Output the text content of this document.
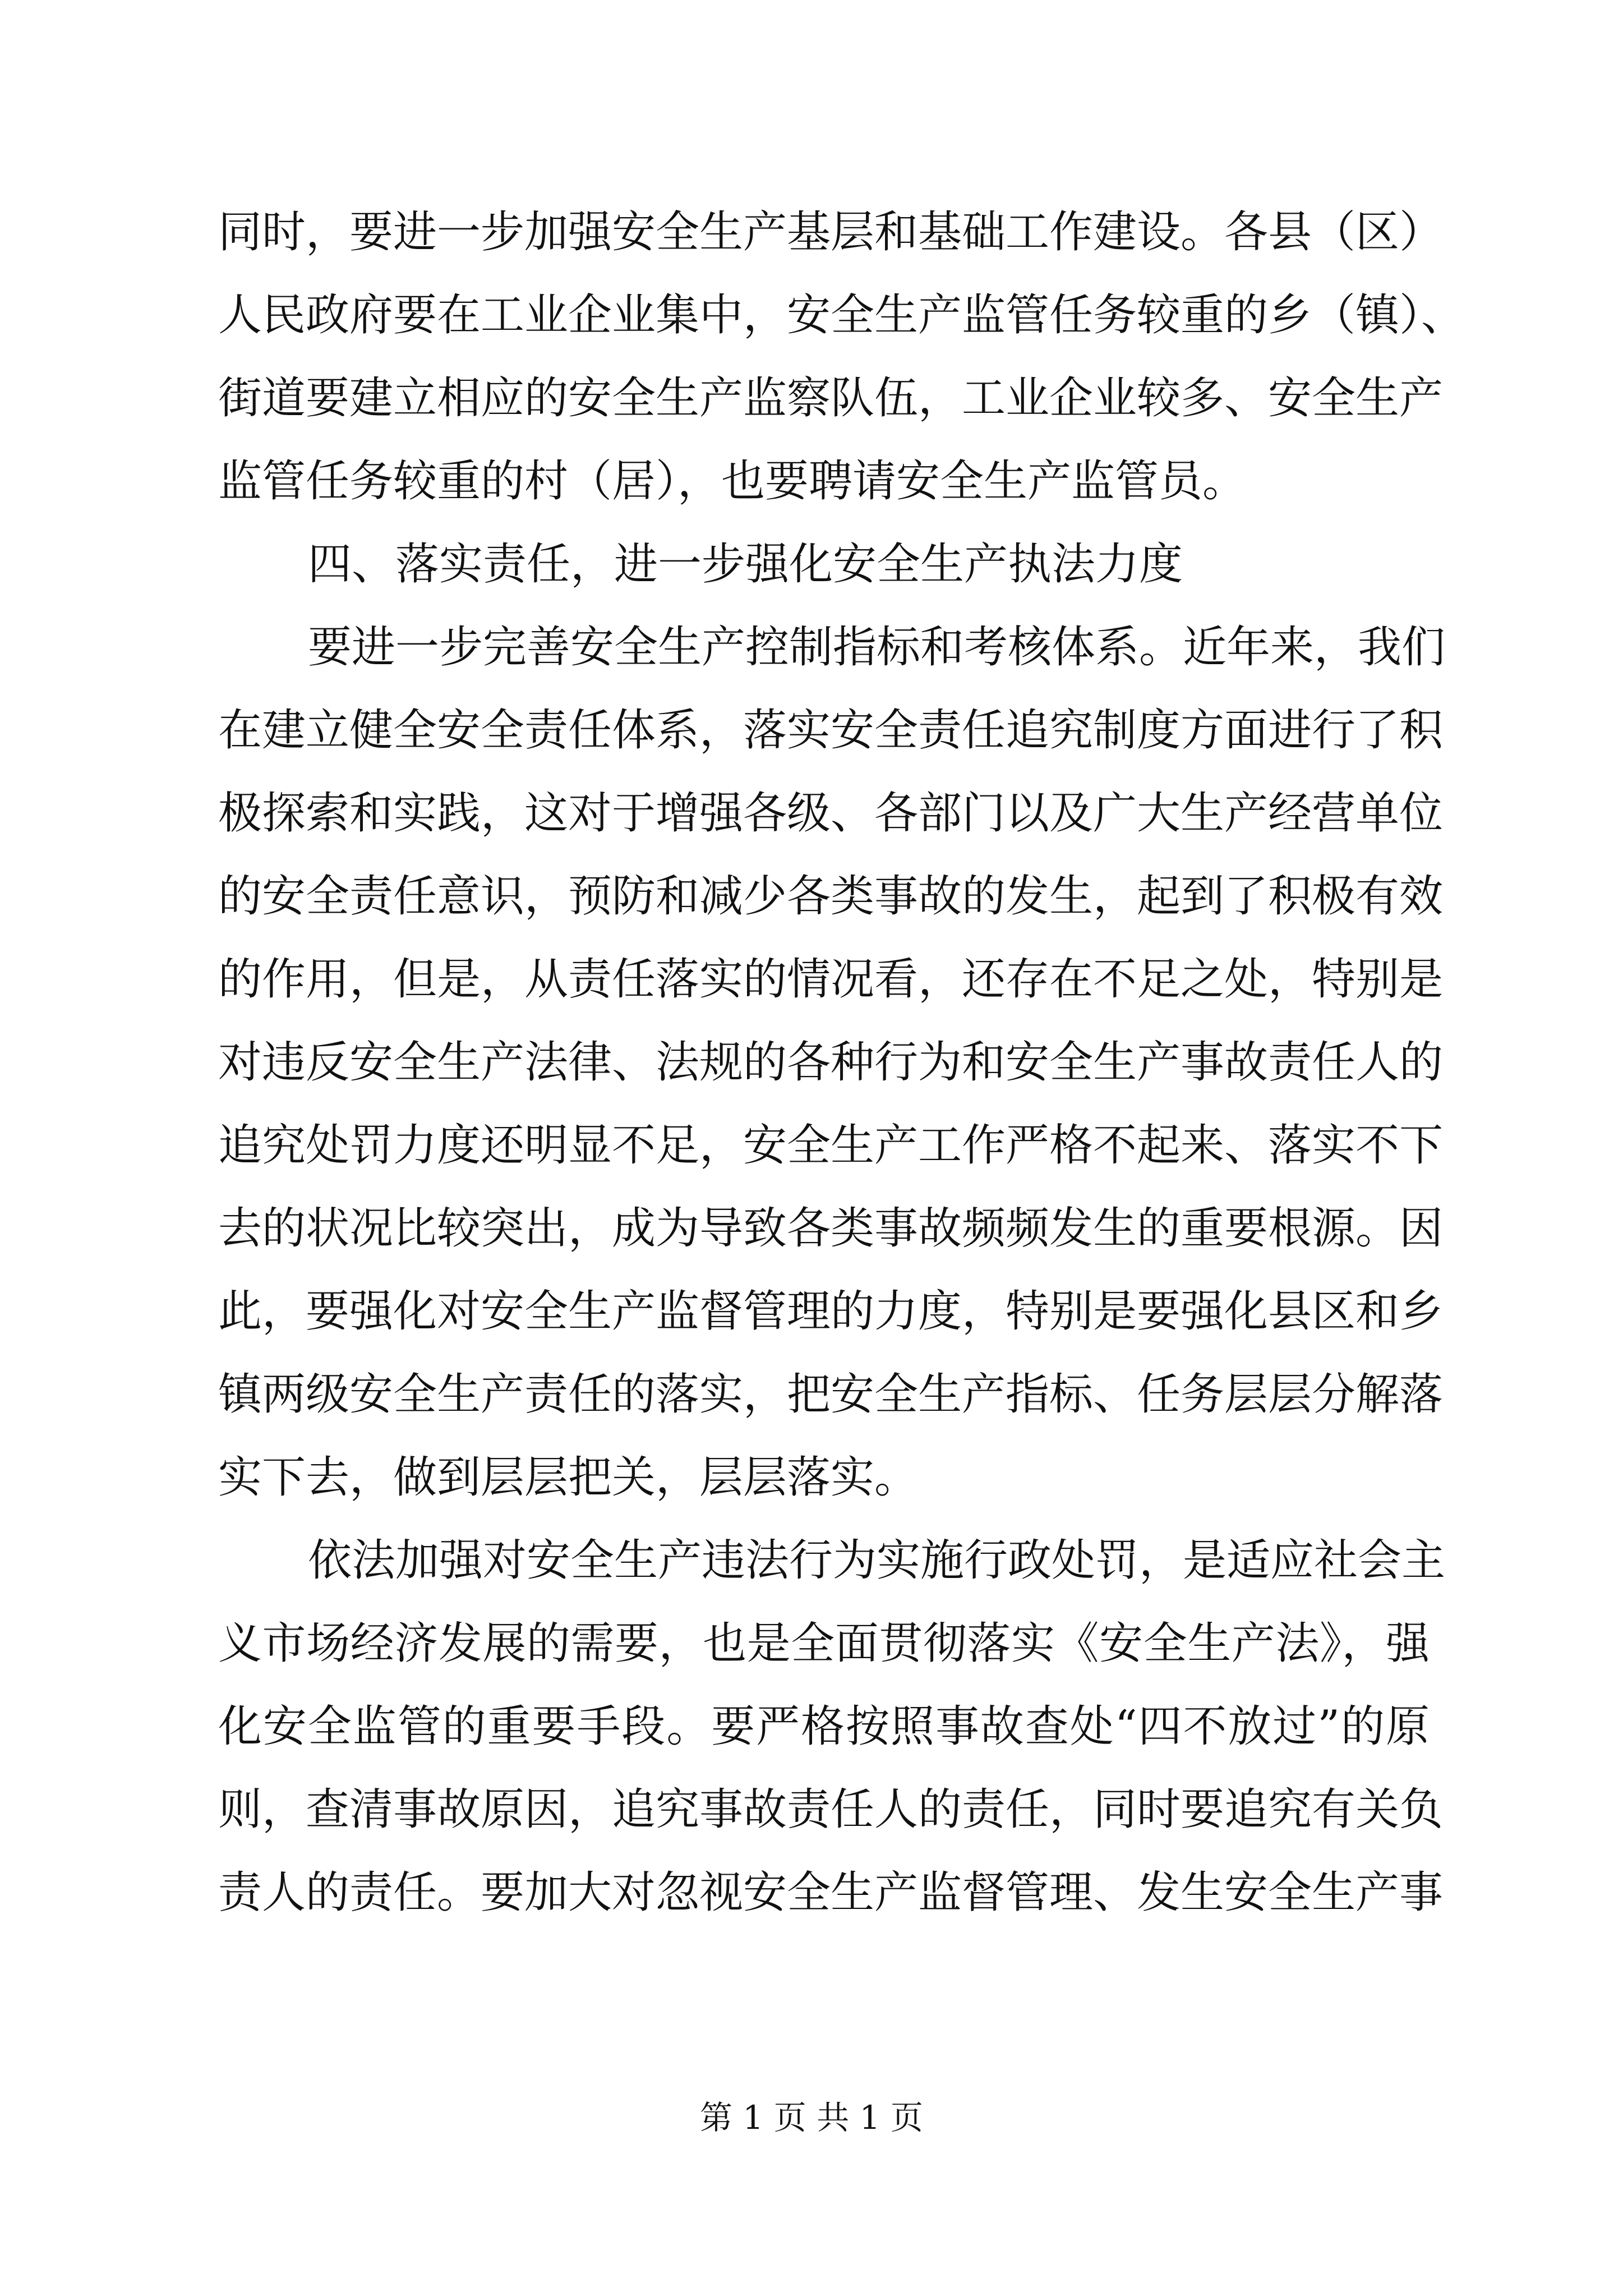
同时，要进一步加强安全生产基层和基础工作建设。各县（区）
人民政府要在工业企业集中，安全生产监管任务较重的乡（镇）、
街道要建立相应的安全生产监察队伍，工业企业较多、安全生产
监管任务较重的村（居），也要聘请安全生产监管员。
四、落实责任，进一步强化安全生产执法力度
要进一步完善安全生产控制指标和考核体系。近年来，我们
在建立健全安全责任体系，落实安全责任追究制度方面进行了积
极探索和实践，这对于增强各级、各部门以及广大生产经营单位
的安全责任意识，预防和减少各类事故的发生，起到了积极有效
的作用，但是，从责任落实的情况看，还存在不足之处，特别是
对违反安全生产法律、法规的各种行为和安全生产事故责任人的
追究处罚力度还明显不足，安全生产工作严格不起来、落实不下
去的状况比较突出，成为导致各类事故频频发生的重要根源。因
此，要强化对安全生产监督管理的力度，特别是要强化县区和乡
镇两级安全生产责任的落实，把安全生产指标、任务层层分解落
实下去，做到层层把关，层层落实。
依法加强对安全生产违法行为实施行政处罚，是适应社会主
义市场经济发展的需要，也是全面贯彻落实《安全生产法》，强
化安全监管的重要手段。要严格按照事故查处“四不放过”的原
则，查清事故原因，追究事故责任人的责任，同时要追究有关负
责人的责任。要加大对忽视安全生产监督管理、发生安全生产事
第 1 页 共 1 页
